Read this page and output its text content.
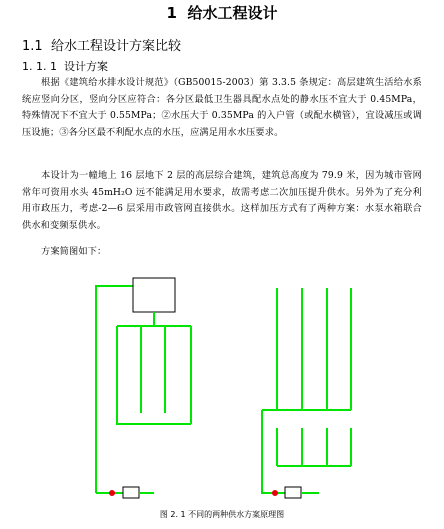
1 给水工程设计
1.1 给水工程设计方案比较
1. 1. 1 设计方案

根据《建筑给水排水设计规范》（GB50015-2003）第 3.3.5 条规定：高层建筑生活给水系统应竖向分区，竖向分区应符合：各分区最低卫生器具配水点处的静水压不宜大于 0.45MPa，特殊情况下不宜大于 0.55MPa；②水压大于 0.35MPa 的入户管（或配水横管），宜设减压或调压设施；③各分区最不利配水点的水压，应满足用水水压要求。

本设计为一幢地上 16 层地下 2 层的高层综合建筑，建筑总高度为 79.9 米，因为城市管网常年可资用水头 45mH₂O 远不能满足用水要求，故需考虑二次加压提升供水。另外为了充分利用市政压力，考虑-2—6 层采用市政管网直接供水。这样加压方式有了两种方案：水泵水箱联合供水和变频泵供水。

方案简图如下：

图 2. 1 不同的两种供水方案原理图
